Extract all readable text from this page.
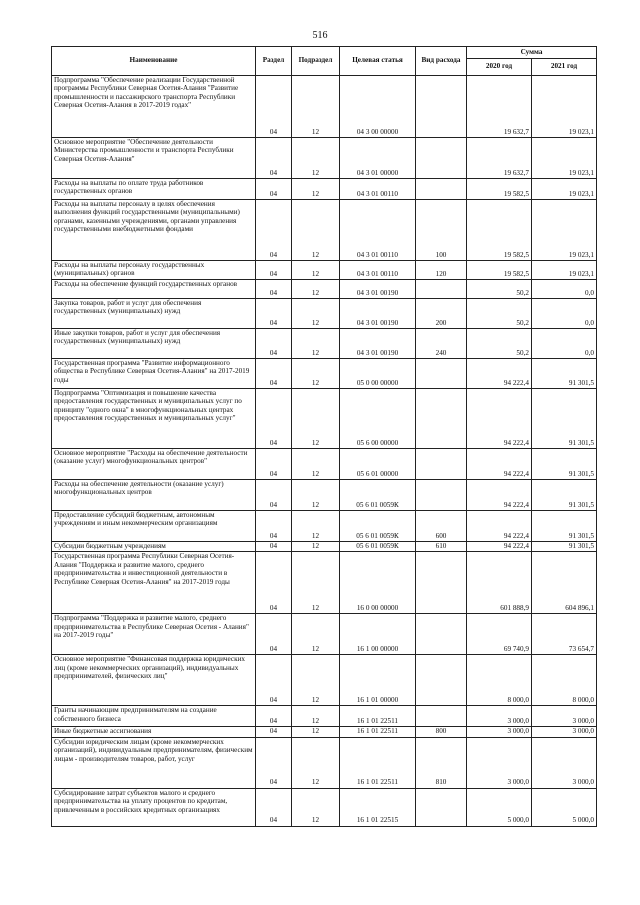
516
Наименование	Раздел	Подраздел	Целевая статья	Вид расхода	Сумма	
					2020 год	2021 год
Подпрограмма "Обеспечение реализации Государственной программы Республики Северная Осетия-Алания "Развитие промышленности и пассажирского транспорта Республики Северная Осетия-Алания в 2017-2019 годах"	04	12	04 3 00 00000		19 632,7	19 023,1
Основное мероприятие "Обеспечение деятельности Министерства промышленности и транспорта Республики Северная Осетия-Алания"	04	12	04 3 01 00000		19 632,7	19 023,1
Расходы на выплаты по оплате труда работников государственных органов	04	12	04 3 01 00110		19 582,5	19 023,1
Расходы на выплаты персоналу в целях обеспечения выполнения функций государственными (муниципальными) органами, казенными учреждениями, органами управления государственными внебюджетными фондами	04	12	04 3 01 00110	100	19 582,5	19 023,1
Расходы на выплаты персоналу государственных (муниципальных) органов	04	12	04 3 01 00110	120	19 582,5	19 023,1
Расходы на обеспечение функций государственных органов	04	12	04 3 01 00190		50,2	0,0
Закупка товаров, работ и услуг для обеспечения государственных (муниципальных) нужд	04	12	04 3 01 00190	200	50,2	0,0
Иные закупки товаров, работ и услуг для обеспечения государственных (муниципальных) нужд	04	12	04 3 01 00190	240	50,2	0,0
Государственная программа "Развитие информационного общества в Республике Северная Осетия-Алания" на 2017-2019 годы	04	12	05 0 00 00000		94 222,4	91 301,5
Подпрограмма "Оптимизация и повышение качества предоставления государственных и муниципальных услуг по принципу "одного окна" в многофункциональных центрах предоставления государственных и муниципальных услуг"	04	12	05 6 00 00000		94 222,4	91 301,5
Основное мероприятие "Расходы на обеспечение деятельности (оказание услуг) многофункциональных центров"	04	12	05 6 01 00000		94 222,4	91 301,5
Расходы на обеспечение деятельности (оказание услуг) многофункциональных центров	04	12	05 6 01 0059К		94 222,4	91 301,5
Предоставление субсидий бюджетным, автономным учреждениям и иным некоммерческим организациям	04	12	05 6 01 0059К	600	94 222,4	91 301,5
Субсидии бюджетным учреждениям	04	12	05 6 01 0059К	610	94 222,4	91 301,5
Государственная программа Республики Северная Осетия-Алания "Поддержка и развитие малого, среднего предпринимательства и инвестиционной деятельности в Республике Северная Осетия-Алания" на 2017-2019 годы	04	12	16 0 00 00000		601 888,9	604 896,1
Подпрограмма "Поддержка и развитие малого, среднего предпринимательства в Республике Северная Осетия - Алания" на 2017-2019 годы"	04	12	16 1 00 00000		69 740,9	73 654,7
Основное мероприятие "Финансовая поддержка юридических лиц (кроме некоммерческих организаций), индивидуальных предпринимателей, физических лиц"	04	12	16 1 01 00000		8 000,0	8 000,0
Гранты начинающим предпринимателям на создание собственного бизнеса	04	12	16 1 01 22511		3 000,0	3 000,0
Иные бюджетные ассигнования	04	12	16 1 01 22511	800	3 000,0	3 000,0
Субсидии юридическим лицам (кроме некоммерческих организаций), индивидуальным предпринимателям, физическим лицам - производителям товаров, работ, услуг	04	12	16 1 01 22511	810	3 000,0	3 000,0
Субсидирование затрат субъектов малого и среднего предпринимательства на уплату процентов по кредитам, привлеченным в российских кредитных организациях	04	12	16 1 01 22515		5 000,0	5 000,0
